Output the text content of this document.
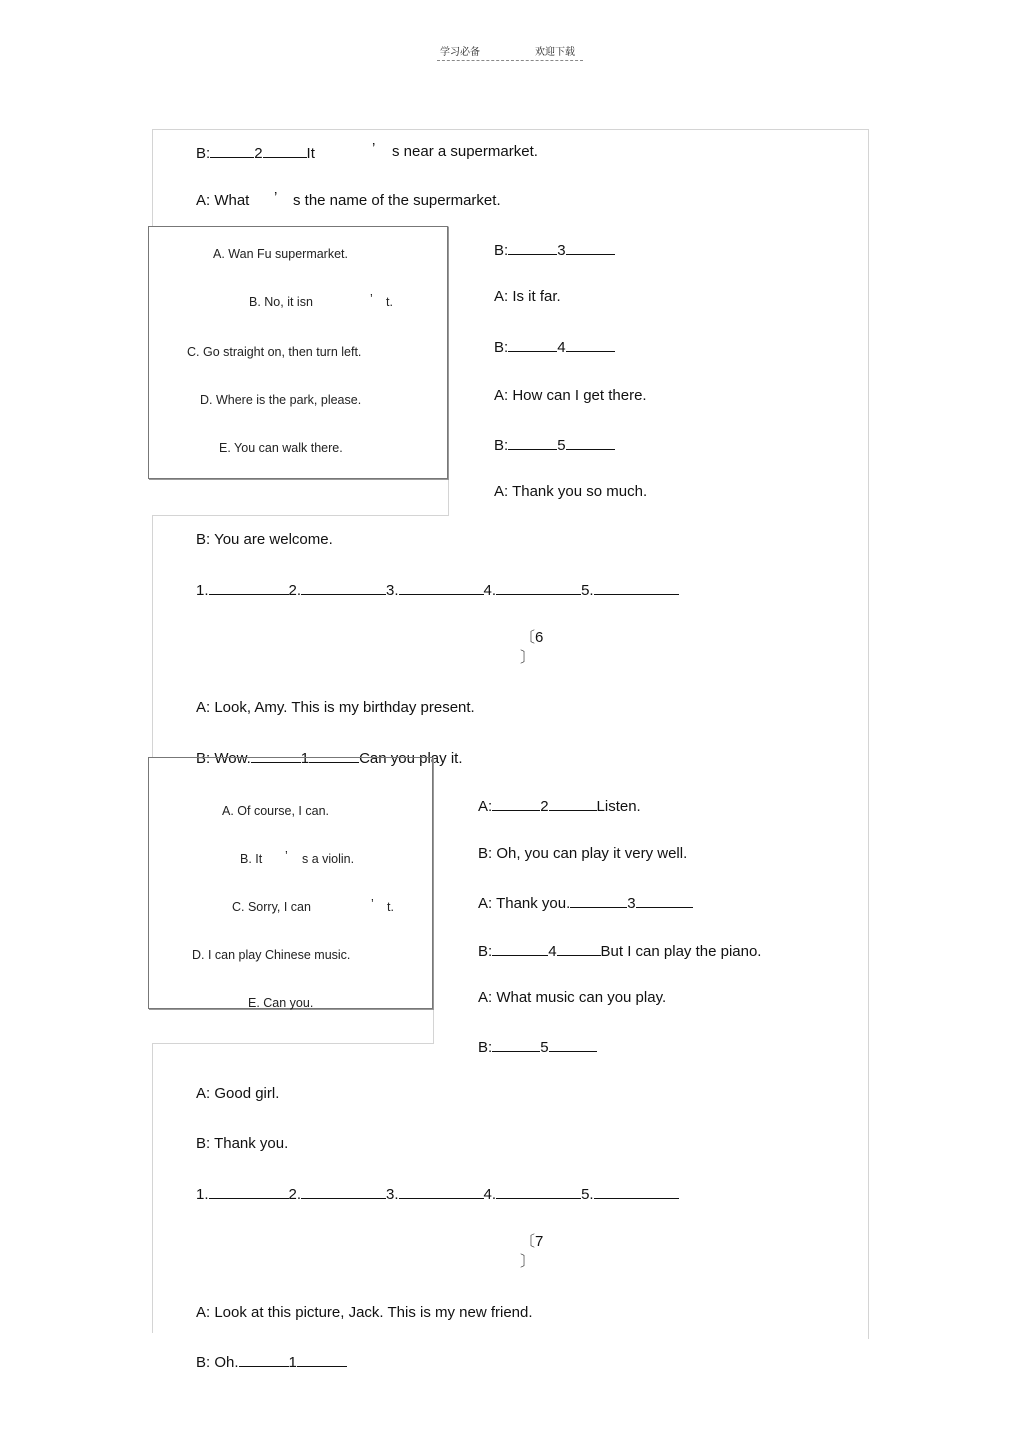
学习必备	欢迎下载
B:	2	It	’ s near a supermarket.
A: What ’ s the name of the supermarket.
A. Wan Fu supermarket.
B. No, it isn	’ t.
C. Go straight on, then turn left.
D. Where is the park, please.
E. You can walk there.
B:	3
A: Is it far.
B:	4
A: How can I get there.
B:	5
A: Thank you so much.
B: You are welcome.
1.	2.	3.	4.	5.
〔6
〕
A: Look, Amy. This is my birthday present.
B: Wow.	1	Can you play it.
A. Of course, I can.
B. It ’ s a violin.
C. Sorry, I can	’ t.
D. I can play Chinese music.
E. Can you.
A:	2	Listen.
B: Oh, you can play it very well.
A: Thank you.	3
B:	4	But I can play the piano.
A: What music can you play.
B:	5
A: Good girl.
B: Thank you.
1.	2.	3.	4.	5.
〔7
〕
A: Look at this picture, Jack. This is my new friend.
B: Oh.	1
